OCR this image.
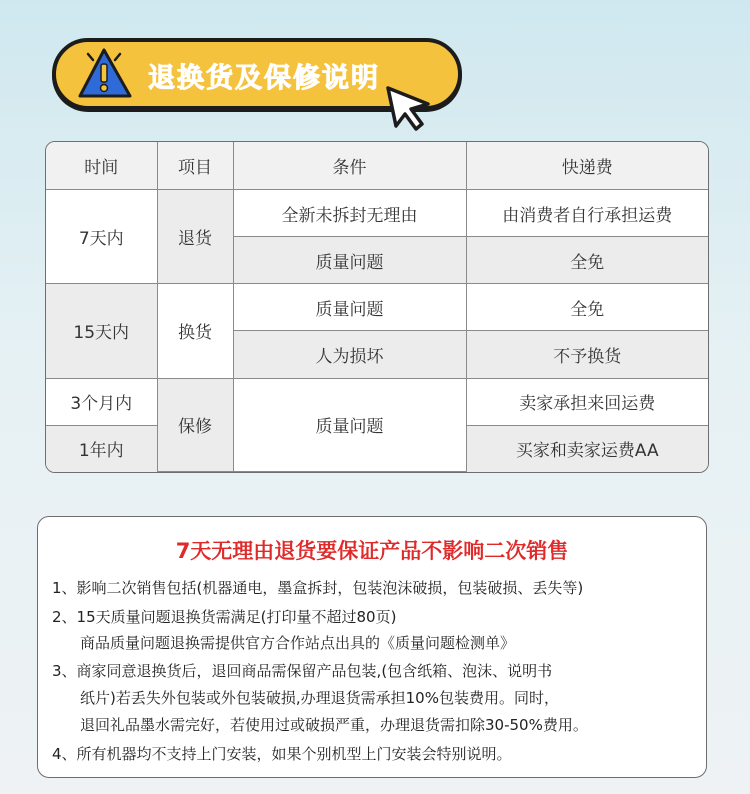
退换货及保修说明
时间	项目	条件	快递费
7天内	退货	全新未拆封无理由	由消费者自行承担运费
		质量问题	全免
15天内	换货	质量问题	全免
		人为损坏	不予换货
3个月内	保修	质量问题	卖家承担来回运费
1年内			买家和卖家运费AA
7天无理由退货要保证产品不影响二次销售
1、影响二次销售包括(机器通电，墨盒拆封，包装泡沫破损，包装破损、丢失等)
2、15天质量问题退换货需满足(打印量不超过80页)
商品质量问题退换需提供官方合作站点出具的《质量问题检测单》
3、商家同意退换货后，退回商品需保留产品包装,(包含纸箱、泡沫、说明书
纸片)若丢失外包装或外包装破损,办理退货需承担10%包装费用。同时，
退回礼品墨水需完好，若使用过或破损严重，办理退货需扣除30-50%费用。
4、所有机器均不支持上门安装，如果个别机型上门安装会特别说明。
